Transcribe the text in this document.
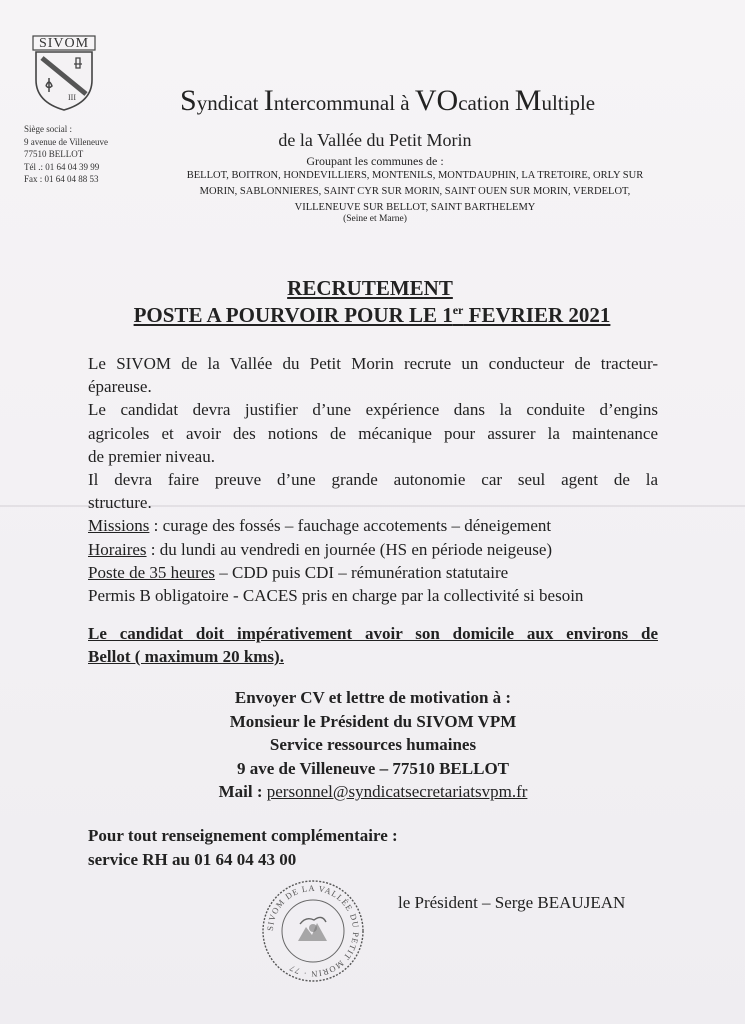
III
SIVOM
Siège social :
9 avenue de Villeneuve
77510 BELLOT
Tél .: 01 64 04 39 99
Fax : 01 64 04 88 53
Syndicat Intercommunal à VOcation Multiple
de la Vallée du Petit Morin
Groupant les communes de :
BELLOT, BOITRON, HONDEVILLIERS, MONTENILS, MONTDAUPHIN, LA TRETOIRE, ORLY SUR MORIN, SABLONNIERES, SAINT CYR SUR MORIN, SAINT OUEN SUR MORIN, VERDELOT, VILLENEUVE SUR BELLOT, SAINT BARTHELEMY
(Seine et Marne)
RECRUTEMENT
POSTE A POURVOIR POUR LE 1er FEVRIER 2021

Le SIVOM de la Vallée du Petit Morin recrute un conducteur de tracteur-

épareuse.

Le candidat devra justifier d’une expérience dans la conduite d’engins

agricoles et avoir des notions de mécanique pour assurer la maintenance

de premier niveau.

Il devra faire preuve d’une grande autonomie car seul agent de la

structure.

Missions : curage des fossés – fauchage accotements – déneigement

Horaires : du lundi au vendredi en journée (HS en période neigeuse)

Poste de 35 heures – CDD puis CDI – rémunération statutaire

Permis B obligatoire - CACES pris en charge par la collectivité si besoin

Le candidat doit impérativement avoir son domicile aux environs de
Bellot ( maximum 20 kms).
Envoyer CV et lettre de motivation à :
Monsieur le Président du SIVOM VPM
Service ressources humaines
9 ave de Villeneuve – 77510 BELLOT
Mail : personnel@syndicatsecretariatsvpm.fr
Pour tout renseignement complémentaire :
service RH au 01 64 04 43 00
SIVOM DE LA VALLÉE DU PETIT MORIN · 77
le Président – Serge BEAUJEAN
